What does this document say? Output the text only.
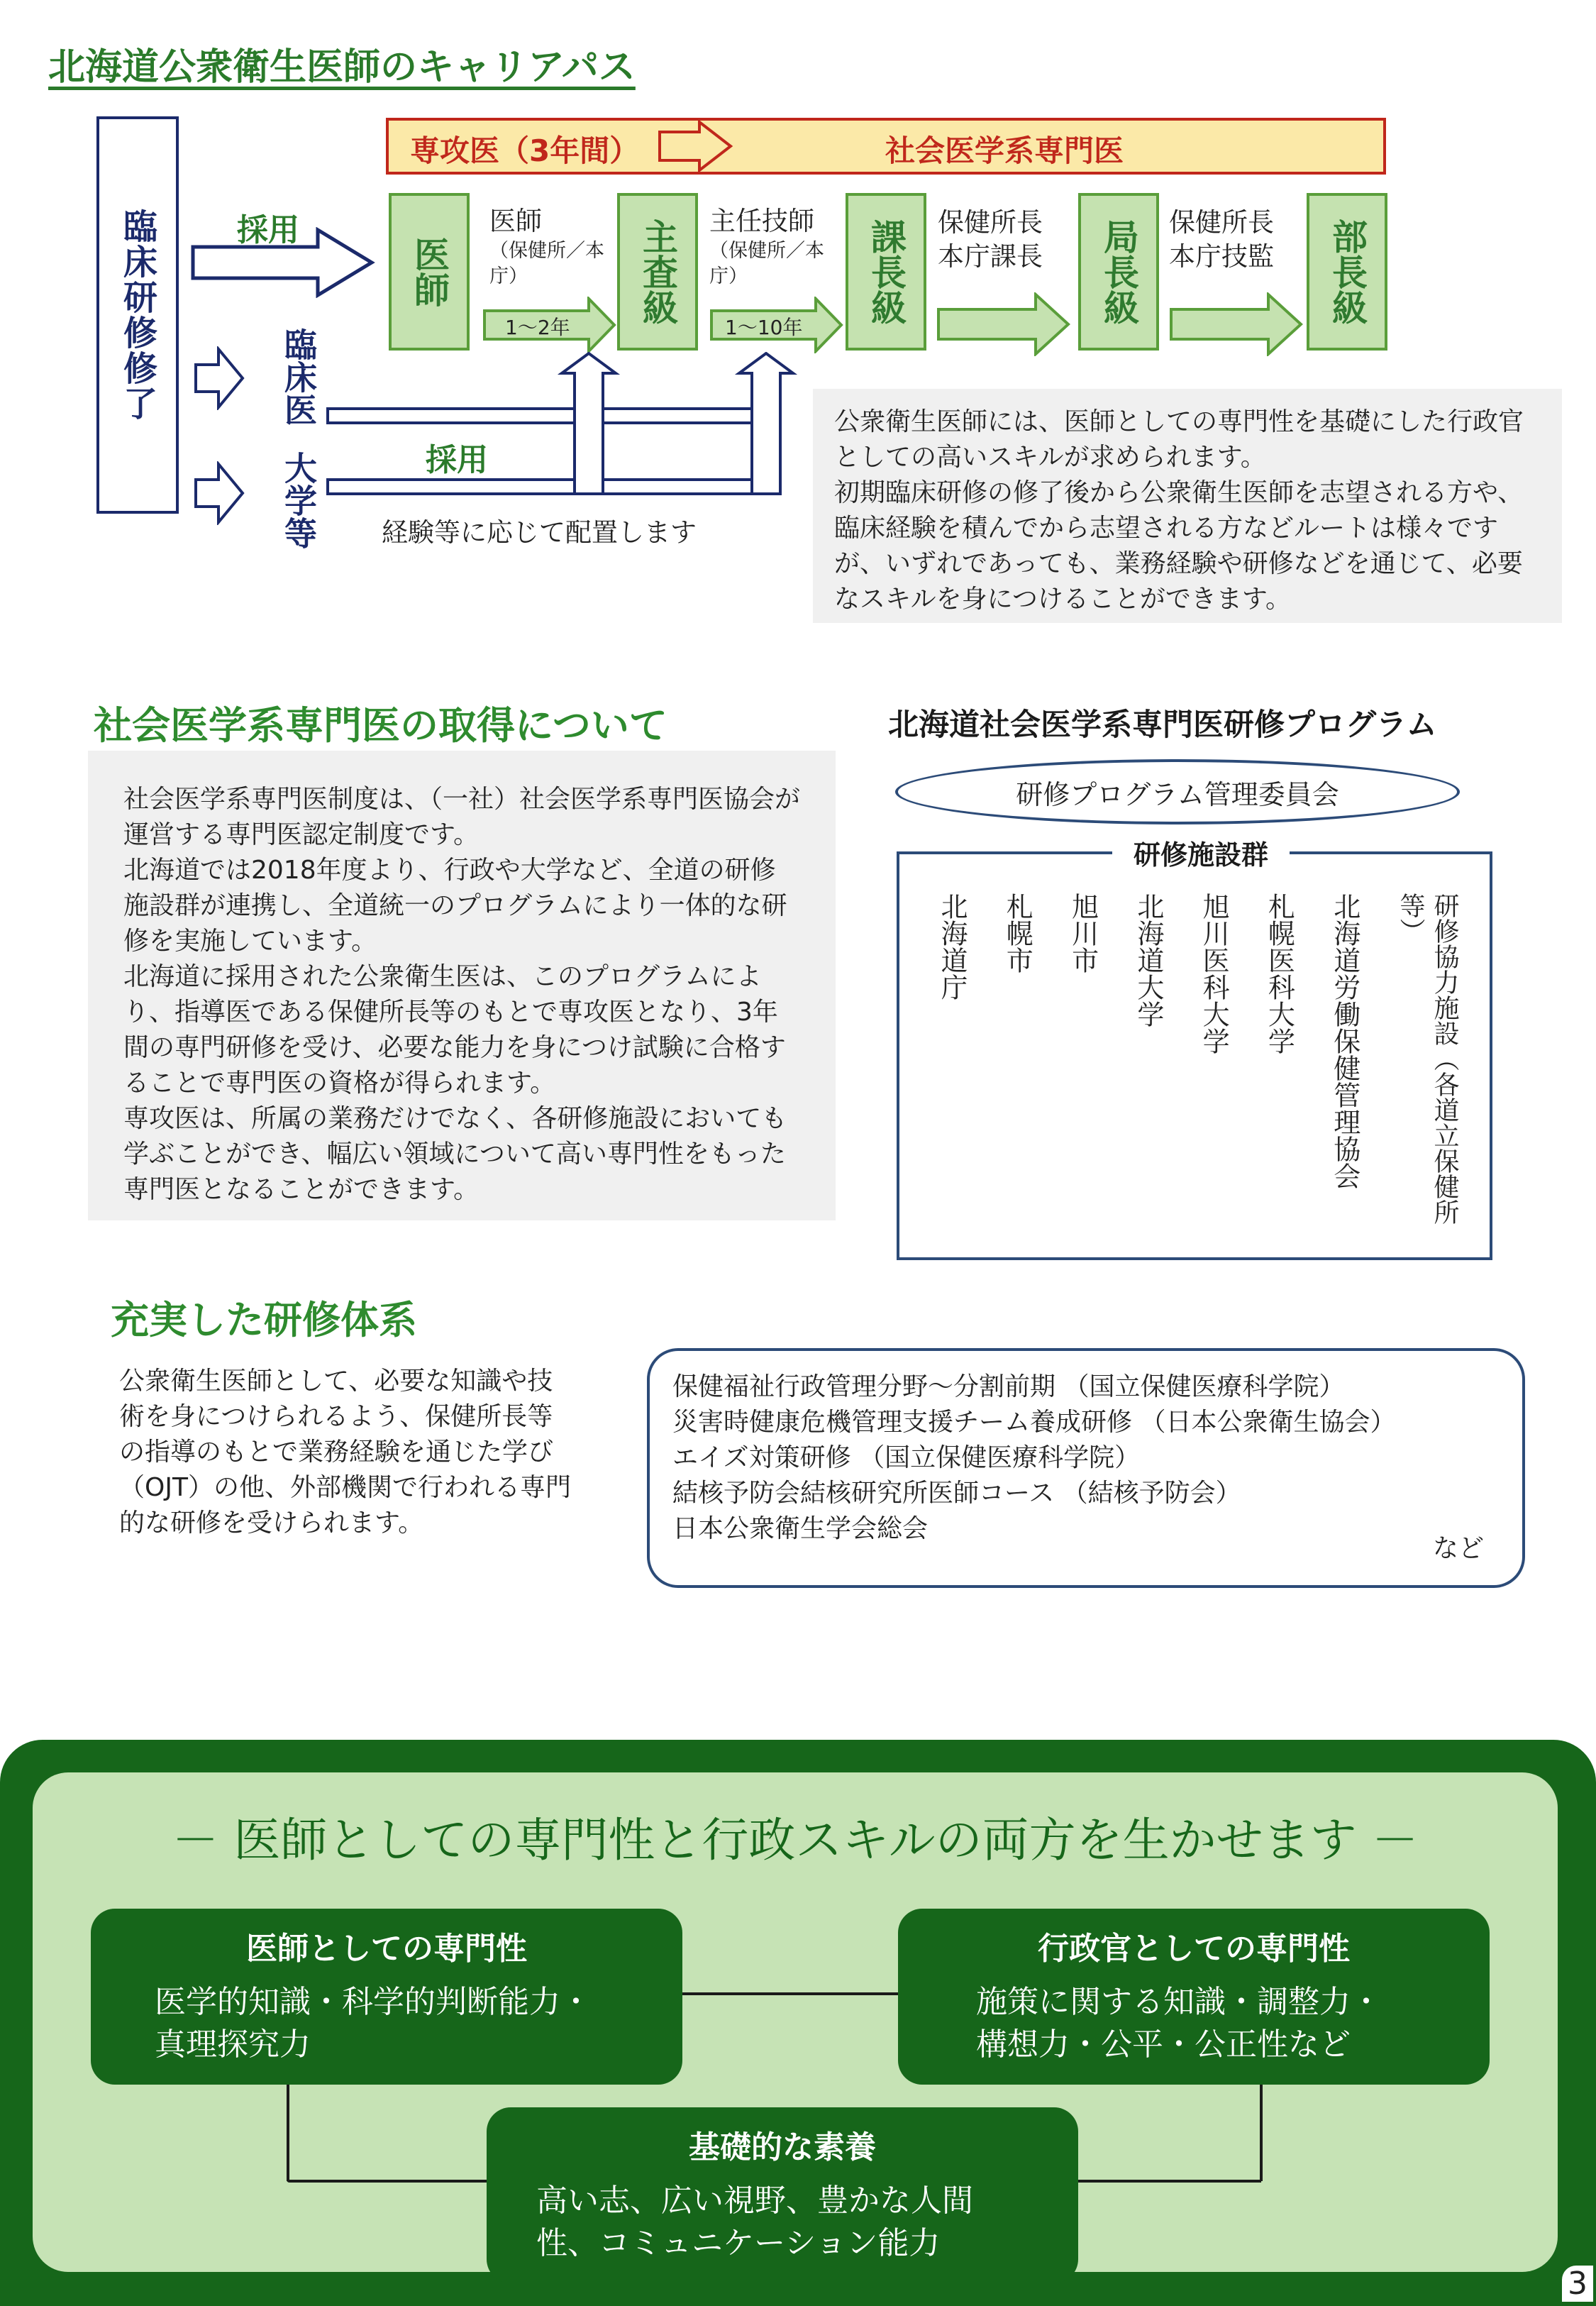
北海道公衆衛生医師のキャリアパス
臨床研修修了
専攻医（3年間）	社会医学系専門医
採用
臨床医
大学等
医師	主査級	課長級	局長級	部長級
医師
（保健所／本庁）
主任技師
（保健所／本庁）
保健所長
本庁課長
保健所長
本庁技監
1～2年	1～10年
採用
経験等に応じて配置します
公衆衛生医師には、医師としての専門性を基礎にした行政官としての高いスキルが求められます。
初期臨床研修の修了後から公衆衛生医師を志望される方や、臨床経験を積んでから志望される方などルートは様々ですが、いずれであっても、業務経験や研修などを通じて、必要なスキルを身につけることができます。
社会医学系専門医の取得について
社会医学系専門医制度は、（一社）社会医学系専門医協会が運営する専門医認定制度です。
北海道では2018年度より、行政や大学など、全道の研修施設群が連携し、全道統一のプログラムにより一体的な研修を実施しています。
北海道に採用された公衆衛生医は、このプログラムにより、指導医である保健所長等のもとで専攻医となり、3年間の専門研修を受け、必要な能力を身につけ試験に合格することで専門医の資格が得られます。
専攻医は、所属の業務だけでなく、各研修施設においても学ぶことができ、幅広い領域について高い専門性をもった専門医となることができます。
北海道社会医学系専門医研修プログラム
研修プログラム管理委員会
研修施設群
北海道庁 札幌市 旭川市 北海道大学 旭川医科大学 札幌医科大学 北海道労働保健管理協会	研修協力施設（各道立保健所等）
充実した研修体系
公衆衛生医師として、必要な知識や技術を身につけられるよう、保健所長等の指導のもとで業務経験を通じた学び（OJT）の他、外部機関で行われる専門的な研修を受けられます。
保健福祉行政管理分野～分割前期 （国立保健医療科学院）
災害時健康危機管理支援チーム養成研修 （日本公衆衛生協会）
エイズ対策研修 （国立保健医療科学院）
結核予防会結核研究所医師コース （結核予防会）
日本公衆衛生学会総会
など
－ 医師としての専門性と行政スキルの両方を生かせます －
医師としての専門性
医学的知識・科学的判断能力・真理探究力
行政官としての専門性
施策に関する知識・調整力・構想力・公平・公正性など
基礎的な素養
高い志、広い視野、豊かな人間性、コミュニケーション能力
3
